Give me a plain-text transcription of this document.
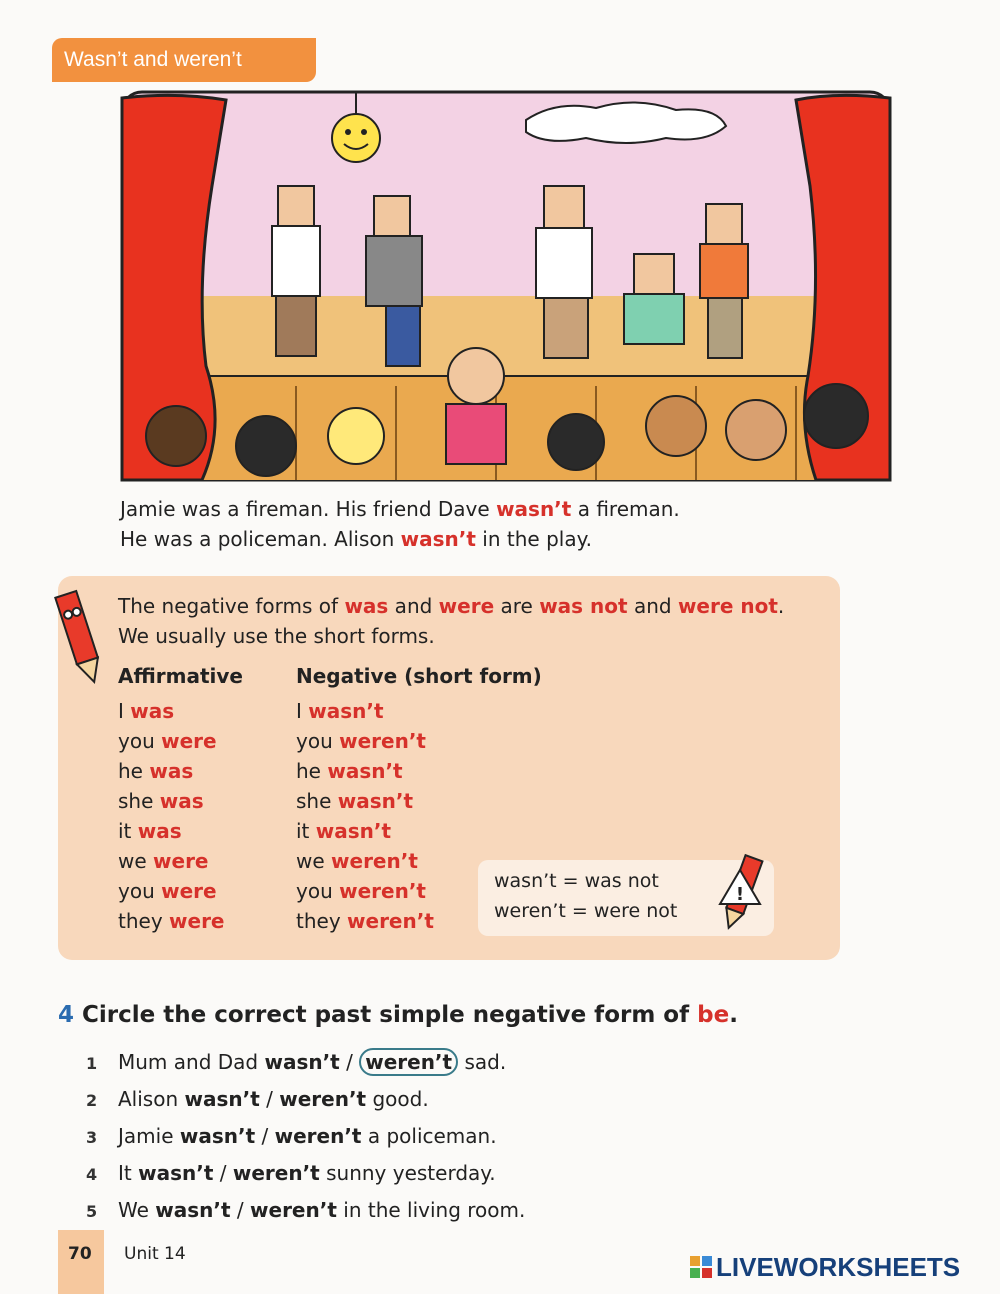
Wasn’t and weren’t
Jamie was a fireman. His friend Dave wasn’t a fireman.
He was a policeman. Alison wasn’t in the play.
The negative forms of was and were are was not and were not.
We usually use the short forms.
Affirmative	Negative (short form)
I was
you were
he was
she was
it was
we were
you were
they were
I wasn’t
you weren’t
he wasn’t
she wasn’t
it wasn’t
we weren’t
you weren’t
they weren’t
wasn’t = was not
weren’t = were not
!
4 Circle the correct past simple negative form of be.
1 Mum and Dad wasn’t / weren’t sad.
2 Alison wasn’t / weren’t good.
3 Jamie wasn’t / weren’t a policeman.
4 It wasn’t / weren’t sunny yesterday.
5 We wasn’t / weren’t in the living room.
70 Unit 14	LIVEWORKSHEETS
